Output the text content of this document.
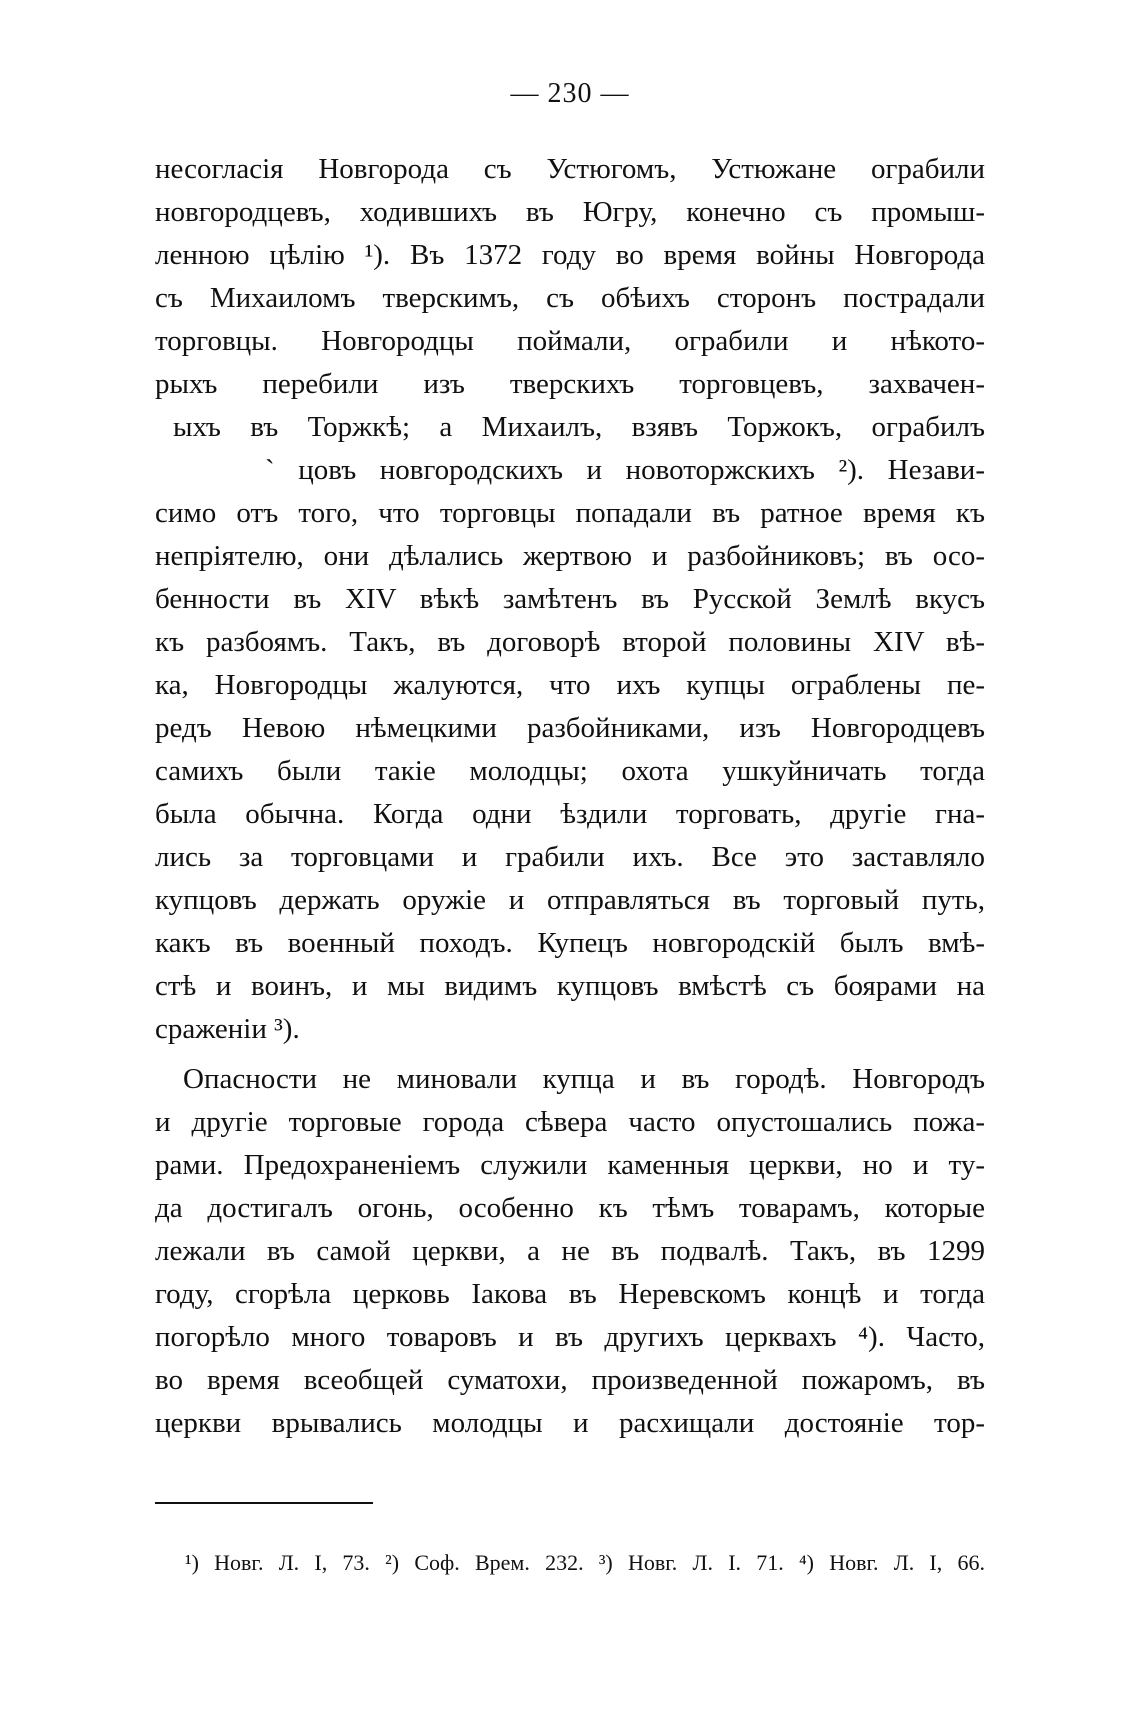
— 230 —
несогласія Новгорода съ Устюгомъ, Устюжане ограбили
новгородцевъ, ходившихъ въ Югру, конечно съ промыш-
ленною цѣлію ¹). Въ 1372 году во время войны Новгорода
съ Михаиломъ тверскимъ, съ обѣихъ сторонъ пострадали
торговцы. Новгородцы поймали, ограбили и нѣкото-
рыхъ перебили изъ тверскихъ торговцевъ, захвачен-
ыхъ въ Торжкѣ; а Михаилъ, взявъ Торжокъ, ограбилъ
` цовъ новгородскихъ и новоторжскихъ ²). Незави-
симо отъ того, что торговцы попадали въ ратное время къ
непріятелю, они дѣлались жертвою и разбойниковъ; въ осо-
бенности въ XIV вѣкѣ замѣтенъ въ Русской Землѣ вкусъ
къ разбоямъ. Такъ, въ договорѣ второй половины XIV вѣ-
ка, Новгородцы жалуются, что ихъ купцы ограблены пе-
редъ Невою нѣмецкими разбойниками, изъ Новгородцевъ
самихъ были такіе молодцы; охота ушкуйничать тогда
была обычна. Когда одни ѣздили торговать, другіе гна-
лись за торговцами и грабили ихъ. Все это заставляло
купцовъ держать оружіе и отправляться въ торговый путь,
какъ въ военный походъ. Купецъ новгородскій былъ вмѣ-
стѣ и воинъ, и мы видимъ купцовъ вмѣстѣ съ боярами на
сраженіи ³).
Опасности не миновали купца и въ городѣ. Новгородъ
и другіе торговые города сѣвера часто опустошались пожа-
рами. Предохраненіемъ служили каменныя церкви, но и ту-
да достигалъ огонь, особенно къ тѣмъ товарамъ, которые
лежали въ самой церкви, а не въ подвалѣ. Такъ, въ 1299
году, сгорѣла церковь Іакова въ Неревскомъ концѣ и тогда
погорѣло много товаровъ и въ другихъ церквахъ ⁴). Часто,
во время всеобщей суматохи, произведенной пожаромъ, въ
церкви врывались молодцы и расхищали достояніе тор-
¹) Новг. Л. I, 73. ²) Соф. Врем. 232. ³) Новг. Л. I. 71. ⁴) Новг. Л. I, 66.
